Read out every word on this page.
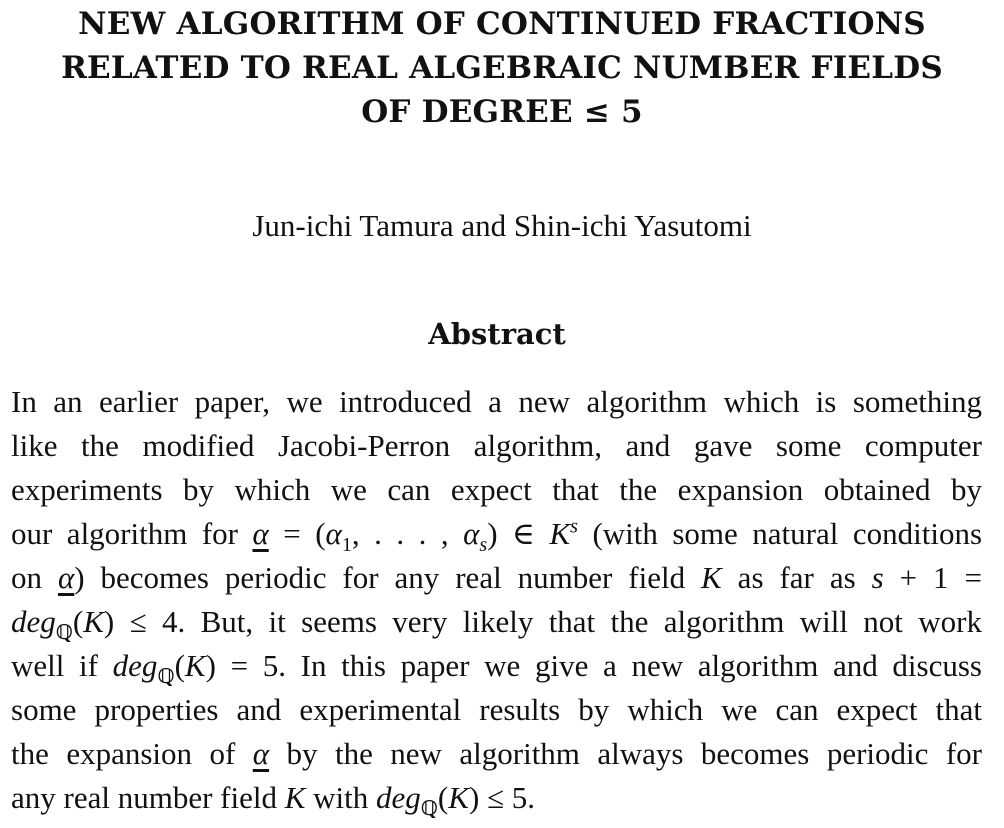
NEW ALGORITHM OF CONTINUED FRACTIONS
RELATED TO REAL ALGEBRAIC NUMBER FIELDS
OF DEGREE ≤ 5
Jun-ichi Tamura and Shin-ichi Yasutomi
Abstract
In an earlier paper, we introduced a new algorithm which is something
like the modified Jacobi-Perron algorithm, and gave some computer
experiments by which we can expect that the expansion obtained by
our algorithm for $\alpha = (\alpha_1$, . . . , $\alpha_s$) ∈ $K^s$ (with some natural conditions
on α) becomes periodic for any real number field K as far as s + 1 =
deg$_ℚ$(K) ≤ 4. But, it seems very likely that the algorithm will not work
well if deg$_ℚ$(K) = 5. In this paper we give a new algorithm and discuss
some properties and experimental results by which we can expect that
the expansion of α by the new algorithm always becomes periodic for
any real number field K with deg$_ℚ$(K) ≤ 5.
